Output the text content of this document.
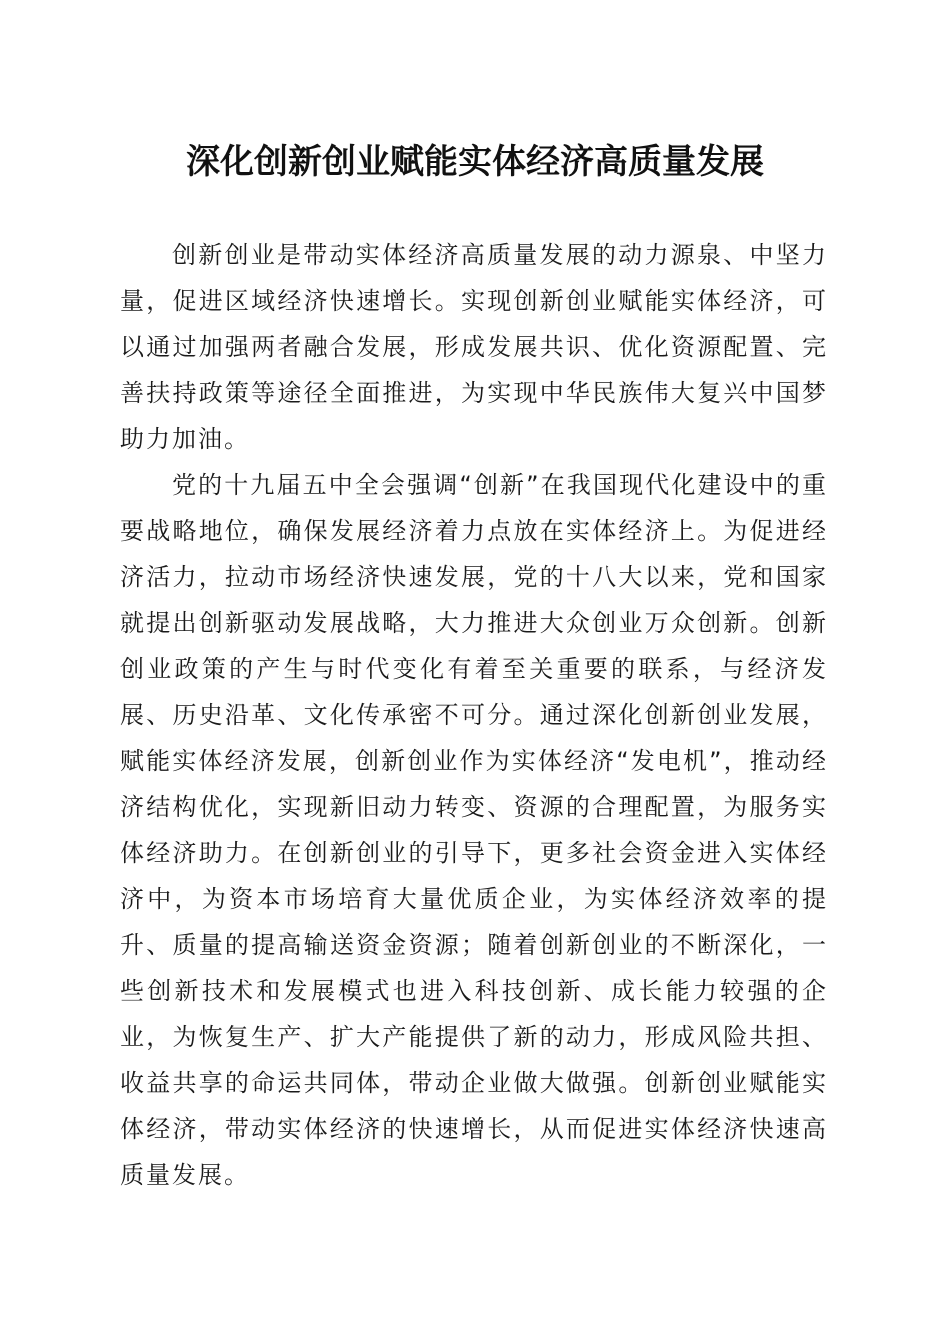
深化创新创业赋能实体经济高质量发展

创新创业是带动实体经济高质量发展的动力源泉、中坚力量，促进区域经济快速增长。实现创新创业赋能实体经济，可以通过加强两者融合发展，形成发展共识、优化资源配置、完善扶持政策等途径全面推进，为实现中华民族伟大复兴中国梦助力加油。

党的十九届五中全会强调“创新”在我国现代化建设中的重要战略地位，确保发展经济着力点放在实体经济上。为促进经济活力，拉动市场经济快速发展，党的十八大以来，党和国家就提出创新驱动发展战略，大力推进大众创业万众创新。创新创业政策的产生与时代变化有着至关重要的联系，与经济发展、历史沿革、文化传承密不可分。通过深化创新创业发展，赋能实体经济发展，创新创业作为实体经济“发电机”，推动经济结构优化，实现新旧动力转变、资源的合理配置，为服务实体经济助力。在创新创业的引导下，更多社会资金进入实体经济中，为资本市场培育大量优质企业，为实体经济效率的提升、质量的提高输送资金资源；随着创新创业的不断深化，一些创新技术和发展模式也进入科技创新、成长能力较强的企业，为恢复生产、扩大产能提供了新的动力，形成风险共担、收益共享的命运共同体，带动企业做大做强。创新创业赋能实体经济，带动实体经济的快速增长，从而促进实体经济快速高质量发展。
